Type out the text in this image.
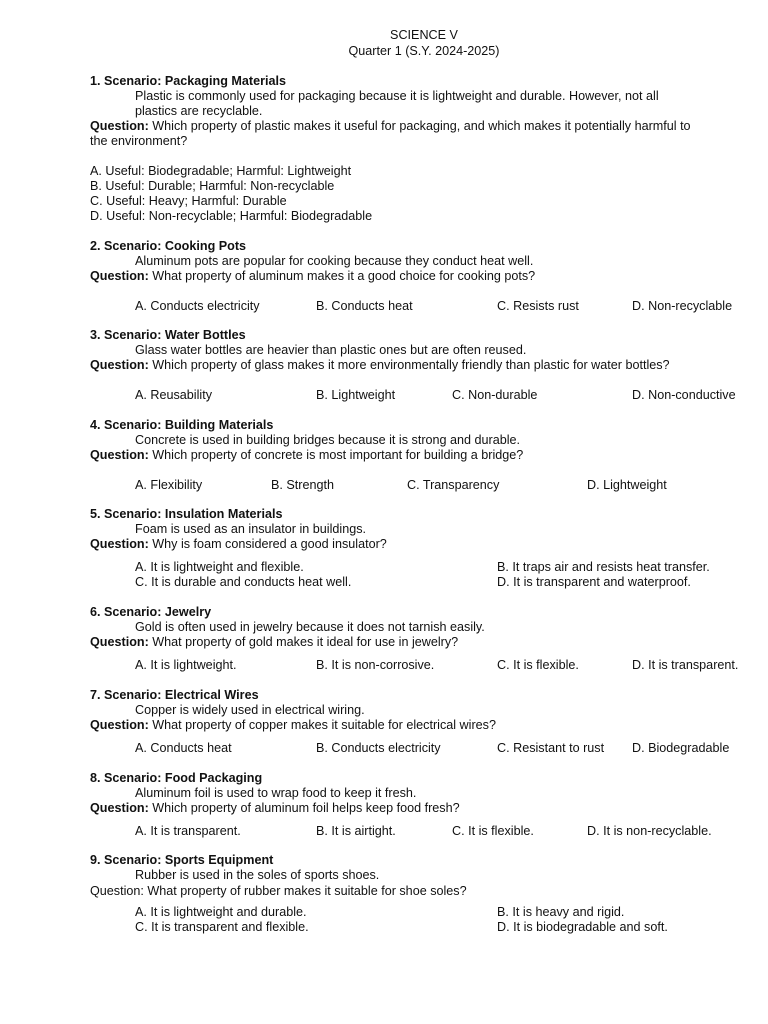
SCIENCE V
Quarter 1 (S.Y. 2024-2025)
1. Scenario: Packaging Materials
Plastic is commonly used for packaging because it is lightweight and durable. However, not all
plastics are recyclable.
Question: Which property of plastic makes it useful for packaging, and which makes it potentially harmful to
the environment?
A. Useful: Biodegradable; Harmful: Lightweight
B. Useful: Durable; Harmful: Non-recyclable
C. Useful: Heavy; Harmful: Durable
D. Useful: Non-recyclable; Harmful: Biodegradable
2. Scenario: Cooking Pots
Aluminum pots are popular for cooking because they conduct heat well.
Question: What property of aluminum makes it a good choice for cooking pots?
A. Conducts electricity	B. Conducts heat	C. Resists rust	D. Non-recyclable
3. Scenario: Water Bottles
Glass water bottles are heavier than plastic ones but are often reused.
Question: Which property of glass makes it more environmentally friendly than plastic for water bottles?
A. Reusability	B. Lightweight	C. Non-durable	D. Non-conductive
4. Scenario: Building Materials
Concrete is used in building bridges because it is strong and durable.
Question: Which property of concrete is most important for building a bridge?
A. Flexibility	B. Strength	C. Transparency	D. Lightweight
5. Scenario: Insulation Materials
Foam is used as an insulator in buildings.
Question: Why is foam considered a good insulator?
A. It is lightweight and flexible.	B. It traps air and resists heat transfer.
C. It is durable and conducts heat well.	D. It is transparent and waterproof.
6. Scenario: Jewelry
Gold is often used in jewelry because it does not tarnish easily.
Question: What property of gold makes it ideal for use in jewelry?
A. It is lightweight.	B. It is non-corrosive.	C. It is flexible.	D. It is transparent.
7. Scenario: Electrical Wires
Copper is widely used in electrical wiring.
Question: What property of copper makes it suitable for electrical wires?
A. Conducts heat	B. Conducts electricity	C. Resistant to rust D. Biodegradable
8. Scenario: Food Packaging
Aluminum foil is used to wrap food to keep it fresh.
Question: Which property of aluminum foil helps keep food fresh?
A. It is transparent.	B. It is airtight.	C. It is flexible.	D. It is non-recyclable.
9. Scenario: Sports Equipment
Rubber is used in the soles of sports shoes.
Question: What property of rubber makes it suitable for shoe soles?
A. It is lightweight and durable.	B. It is heavy and rigid.
C. It is transparent and flexible.	D. It is biodegradable and soft.
